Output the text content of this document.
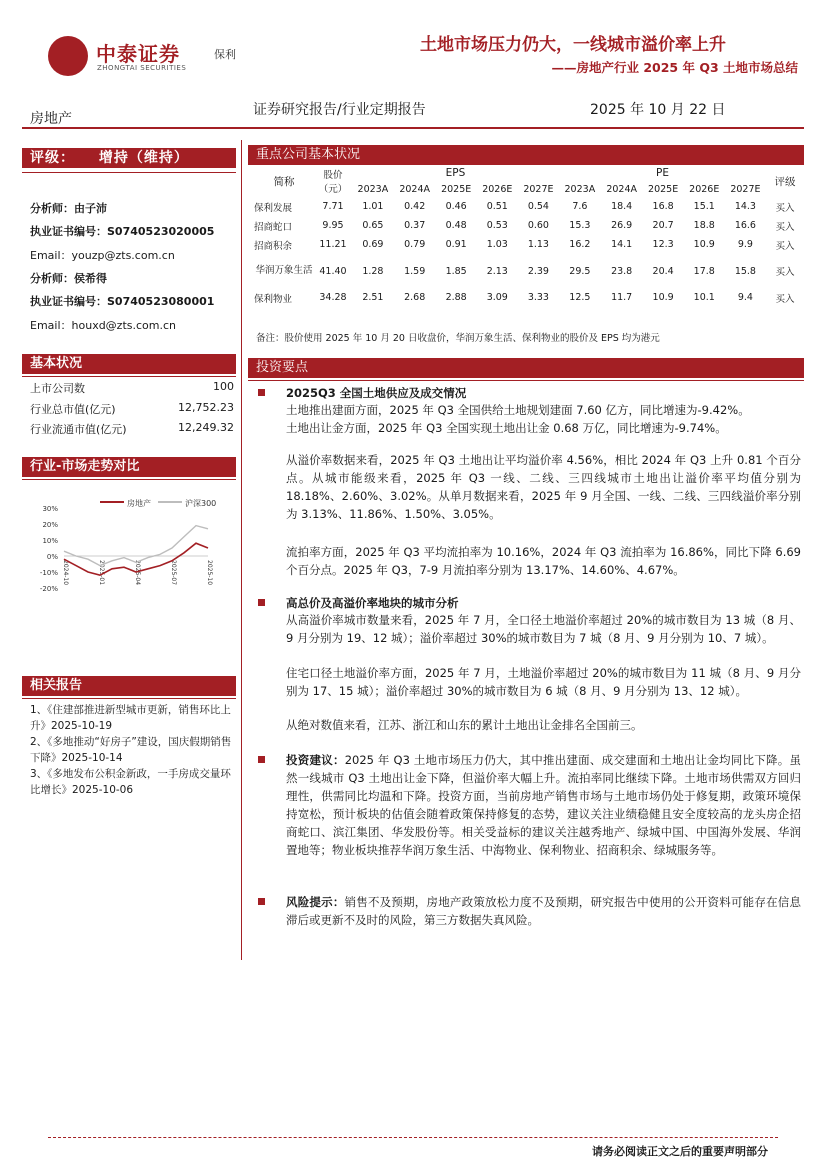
中泰证券	保利
ZHONGTAI SECURITIES
土地市场压力仍大，一线城市溢价率上升
——房地产行业 2025 年 Q3 土地市场总结
房地产
证券研究报告/行业定期报告	2025 年 10 月 22 日
评级： 增持（维持）
分析师：由子沛
执业证书编号：S0740523020005
Email：youzp@zts.com.cn
分析师：侯希得
执业证书编号：S0740523080001
Email：houxd@zts.com.cn
基本状况
上市公司数	100
行业总市值(亿元)	12,752.23
行业流通市值(亿元)	12,249.32
行业-市场走势对比
房地产	沪深300
30%
20%
10%
0%
-10%
-20%
2024-10	2025-01	2025-04	2025-07	2025-10
相关报告
1、《住建部推进新型城市更新，销售环比上升》2025-10-19
2、《多地推动“好房子”建设，国庆假期销售下降》2025-10-14
3、《多地发布公积金新政，一手房成交量环比增长》2025-10-06
重点公司基本状况
简称	股价（元）	EPS					PE					评级
		2023A	2024A	2025E	2026E	2027E	2023A	2024A	2025E	2026E	2027E	
保利发展	7.71	1.01	0.42	0.46	0.51	0.54	7.6	18.4	16.8	15.1	14.3	买入
招商蛇口	9.95	0.65	0.37	0.48	0.53	0.60	15.3	26.9	20.7	18.8	16.6	买入
招商积余	11.21	0.69	0.79	0.91	1.03	1.13	16.2	14.1	12.3	10.9	9.9	买入
华润万象生活	41.40	1.28	1.59	1.85	2.13	2.39	29.5	23.8	20.4	17.8	15.8	买入
保利物业	34.28	2.51	2.68	2.88	3.09	3.33	12.5	11.7	10.9	10.1	9.4	买入
备注：股价使用 2025 年 10 月 20 日收盘价，华润万象生活、保利物业的股价及 EPS 均为港元
投资要点
2025Q3 全国土地供应及成交情况
土地推出建面方面，2025 年 Q3 全国供给土地规划建面 7.60 亿方，同比增速为-9.42%。
土地出让金方面，2025 年 Q3 全国实现土地出让金 0.68 万亿，同比增速为-9.74%。
从溢价率数据来看，2025 年 Q3 土地出让平均溢价率 4.56%，相比 2024 年 Q3 上升 0.81 个百分点。从城市能级来看，2025 年 Q3 一线、二线、三四线城市土地出让溢价率平均值分别为 18.18%、2.60%、3.02%。从单月数据来看，2025 年 9 月全国、一线、二线、三四线溢价率分别为 3.13%、11.86%、1.50%、3.05%。
流拍率方面，2025 年 Q3 平均流拍率为 10.16%，2024 年 Q3 流拍率为 16.86%，同比下降 6.69 个百分点。2025 年 Q3，7-9 月流拍率分别为 13.17%、14.60%、4.67%。
高总价及高溢价率地块的城市分析
从高溢价率城市数量来看，2025 年 7 月，全口径土地溢价率超过 20%的城市数目为 13 城（8 月、9 月分别为 19、12 城）；溢价率超过 30%的城市数目为 7 城（8 月、9 月分别为 10、7 城）。
住宅口径土地溢价率方面，2025 年 7 月，土地溢价率超过 20%的城市数目为 11 城（8 月、9 月分别为 17、15 城）；溢价率超过 30%的城市数目为 6 城（8 月、9 月分别为 13、12 城）。
从绝对数值来看，江苏、浙江和山东的累计土地出让金排名全国前三。
投资建议：2025 年 Q3 土地市场压力仍大，其中推出建面、成交建面和土地出让金均同比下降。虽然一线城市 Q3 土地出让金下降，但溢价率大幅上升。流拍率同比继续下降。土地市场供需双方回归理性，供需同比均温和下降。投资方面，当前房地产销售市场与土地市场仍处于修复期，政策环境保持宽松，预计板块的估值会随着政策保持修复的态势，建议关注业绩稳健且安全度较高的龙头房企招商蛇口、滨江集团、华发股份等。相关受益标的建议关注越秀地产、绿城中国、中国海外发展、华润置地等；物业板块推荐华润万象生活、中海物业、保利物业、招商积余、绿城服务等。
风险提示：销售不及预期，房地产政策放松力度不及预期，研究报告中使用的公开资料可能存在信息滞后或更新不及时的风险，第三方数据失真风险。
请务必阅读正文之后的重要声明部分
